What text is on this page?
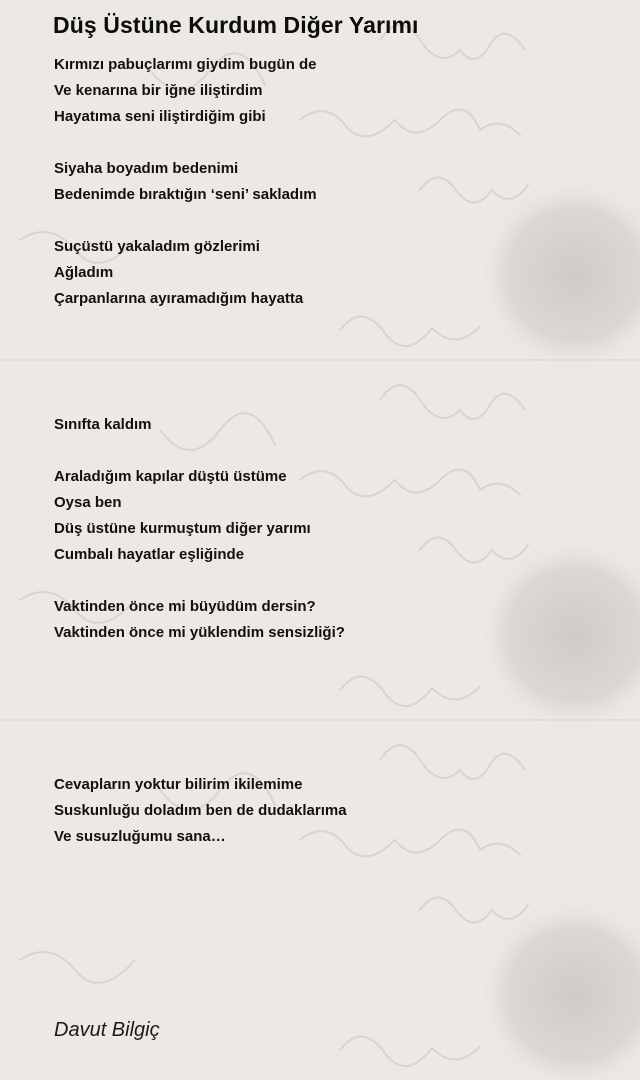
Düş Üstüne Kurdum Diğer Yarımı
Kırmızı pabuçlarımı giydim bugün de
Ve kenarına bir iğne iliştirdim
Hayatıma seni iliştirdiğim gibi
Siyaha boyadım bedenimi
Bedenimde bıraktığın ‘seni’ sakladım
Suçüstü yakaladım gözlerimi
Ağladım
Çarpanlarına ayıramadığım hayatta
Sınıfta kaldım
Araladığım kapılar düştü üstüme
Oysa ben
Düş üstüne kurmuştum diğer yarımı
Cumbalı hayatlar eşliğinde
Vaktinden önce mi büyüdüm dersin?
Vaktinden önce mi yüklendim sensizliği?
Cevapların yoktur bilirim ikilemime
Suskunluğu doladım ben de dudaklarıma
Ve susuzluğumu sana…
Davut Bilgiç
